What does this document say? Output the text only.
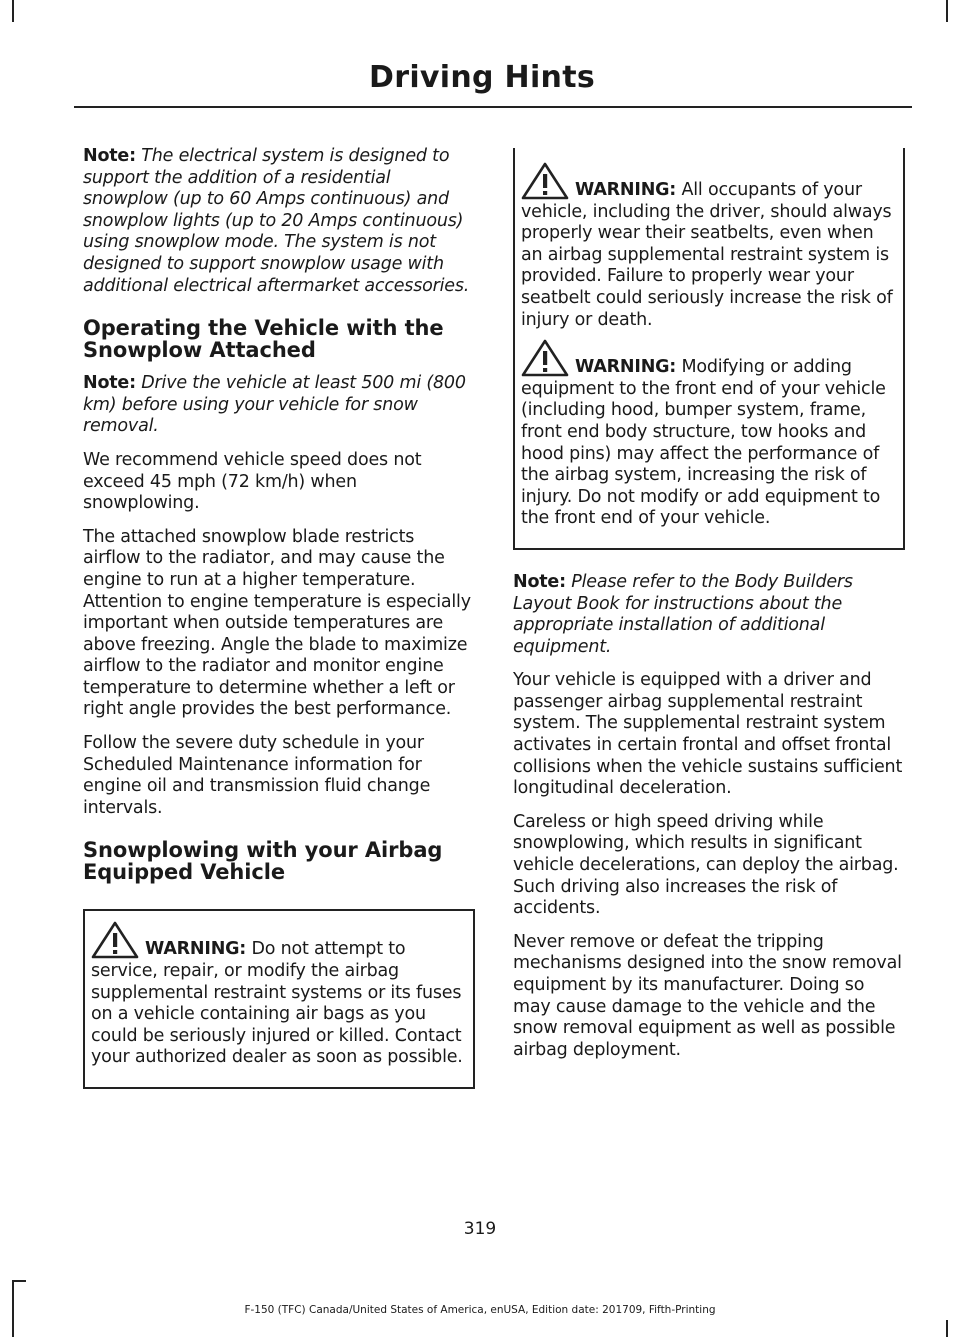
Driving Hints

Note: The electrical system is designed to support the addition of a residential snowplow (up to 60 Amps continuous) and snowplow lights (up to 20 Amps continuous) using snowplow mode. The system is not designed to support snowplow usage with additional electrical aftermarket accessories.

Operating the Vehicle with the Snowplow Attached

Note: Drive the vehicle at least 500 mi (800 km) before using your vehicle for snow removal.

We recommend vehicle speed does not exceed 45 mph (72 km/h) when snowplowing.

The attached snowplow blade restricts airflow to the radiator, and may cause the engine to run at a higher temperature. Attention to engine temperature is especially important when outside temperatures are above freezing. Angle the blade to maximize airflow to the radiator and monitor engine temperature to determine whether a left or right angle provides the best performance.

Follow the severe duty schedule in your Scheduled Maintenance information for engine oil and transmission fluid change intervals.

Snowplowing with your Airbag Equipped Vehicle

WARNING: Do not attempt to service, repair, or modify the airbag supplemental restraint systems or its fuses on a vehicle containing air bags as you could be seriously injured or killed. Contact your authorized dealer as soon as possible.

WARNING: All occupants of your vehicle, including the driver, should always properly wear their seatbelts, even when an airbag supplemental restraint system is provided. Failure to properly wear your seatbelt could seriously increase the risk of injury or death.

WARNING: Modifying or adding equipment to the front end of your vehicle (including hood, bumper system, frame, front end body structure, tow hooks and hood pins) may affect the performance of the airbag system, increasing the risk of injury. Do not modify or add equipment to the front end of your vehicle.

Note: Please refer to the Body Builders Layout Book for instructions about the appropriate installation of additional equipment.

Your vehicle is equipped with a driver and passenger airbag supplemental restraint system. The supplemental restraint system activates in certain frontal and offset frontal collisions when the vehicle sustains sufficient longitudinal deceleration.

Careless or high speed driving while snowplowing, which results in significant vehicle decelerations, can deploy the airbag. Such driving also increases the risk of accidents.

Never remove or defeat the tripping mechanisms designed into the snow removal equipment by its manufacturer. Doing so may cause damage to the vehicle and the snow removal equipment as well as possible airbag deployment.

319
F-150 (TFC) Canada/United States of America, enUSA, Edition date: 201709, Fifth-Printing
